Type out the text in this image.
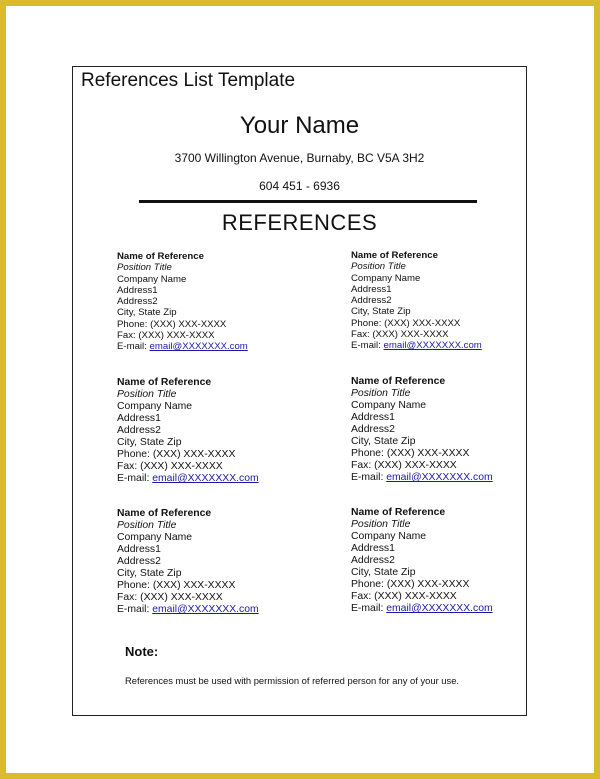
References List Template
Your Name
3700 Willington Avenue, Burnaby, BC V5A 3H2
604 451 - 6936
REFERENCES
Name of Reference
Position Title
Company Name
Address1
Address2
City, State Zip
Phone: (XXX) XXX-XXXX
Fax: (XXX) XXX-XXXX
E-mail: email@XXXXXXX.com
Name of Reference
Position Title
Company Name
Address1
Address2
City, State Zip
Phone: (XXX) XXX-XXXX
Fax: (XXX) XXX-XXXX
E-mail: email@XXXXXXX.com
Name of Reference
Position Title
Company Name
Address1
Address2
City, State Zip
Phone: (XXX) XXX-XXXX
Fax: (XXX) XXX-XXXX
E-mail: email@XXXXXXX.com
Name of Reference
Position Title
Company Name
Address1
Address2
City, State Zip
Phone: (XXX) XXX-XXXX
Fax: (XXX) XXX-XXXX
E-mail: email@XXXXXXX.com
Name of Reference
Position Title
Company Name
Address1
Address2
City, State Zip
Phone: (XXX) XXX-XXXX
Fax: (XXX) XXX-XXXX
E-mail: email@XXXXXXX.com
Name of Reference
Position Title
Company Name
Address1
Address2
City, State Zip
Phone: (XXX) XXX-XXXX
Fax: (XXX) XXX-XXXX
E-mail: email@XXXXXXX.com
Note:
References must be used with permission of referred person for any of your use.
